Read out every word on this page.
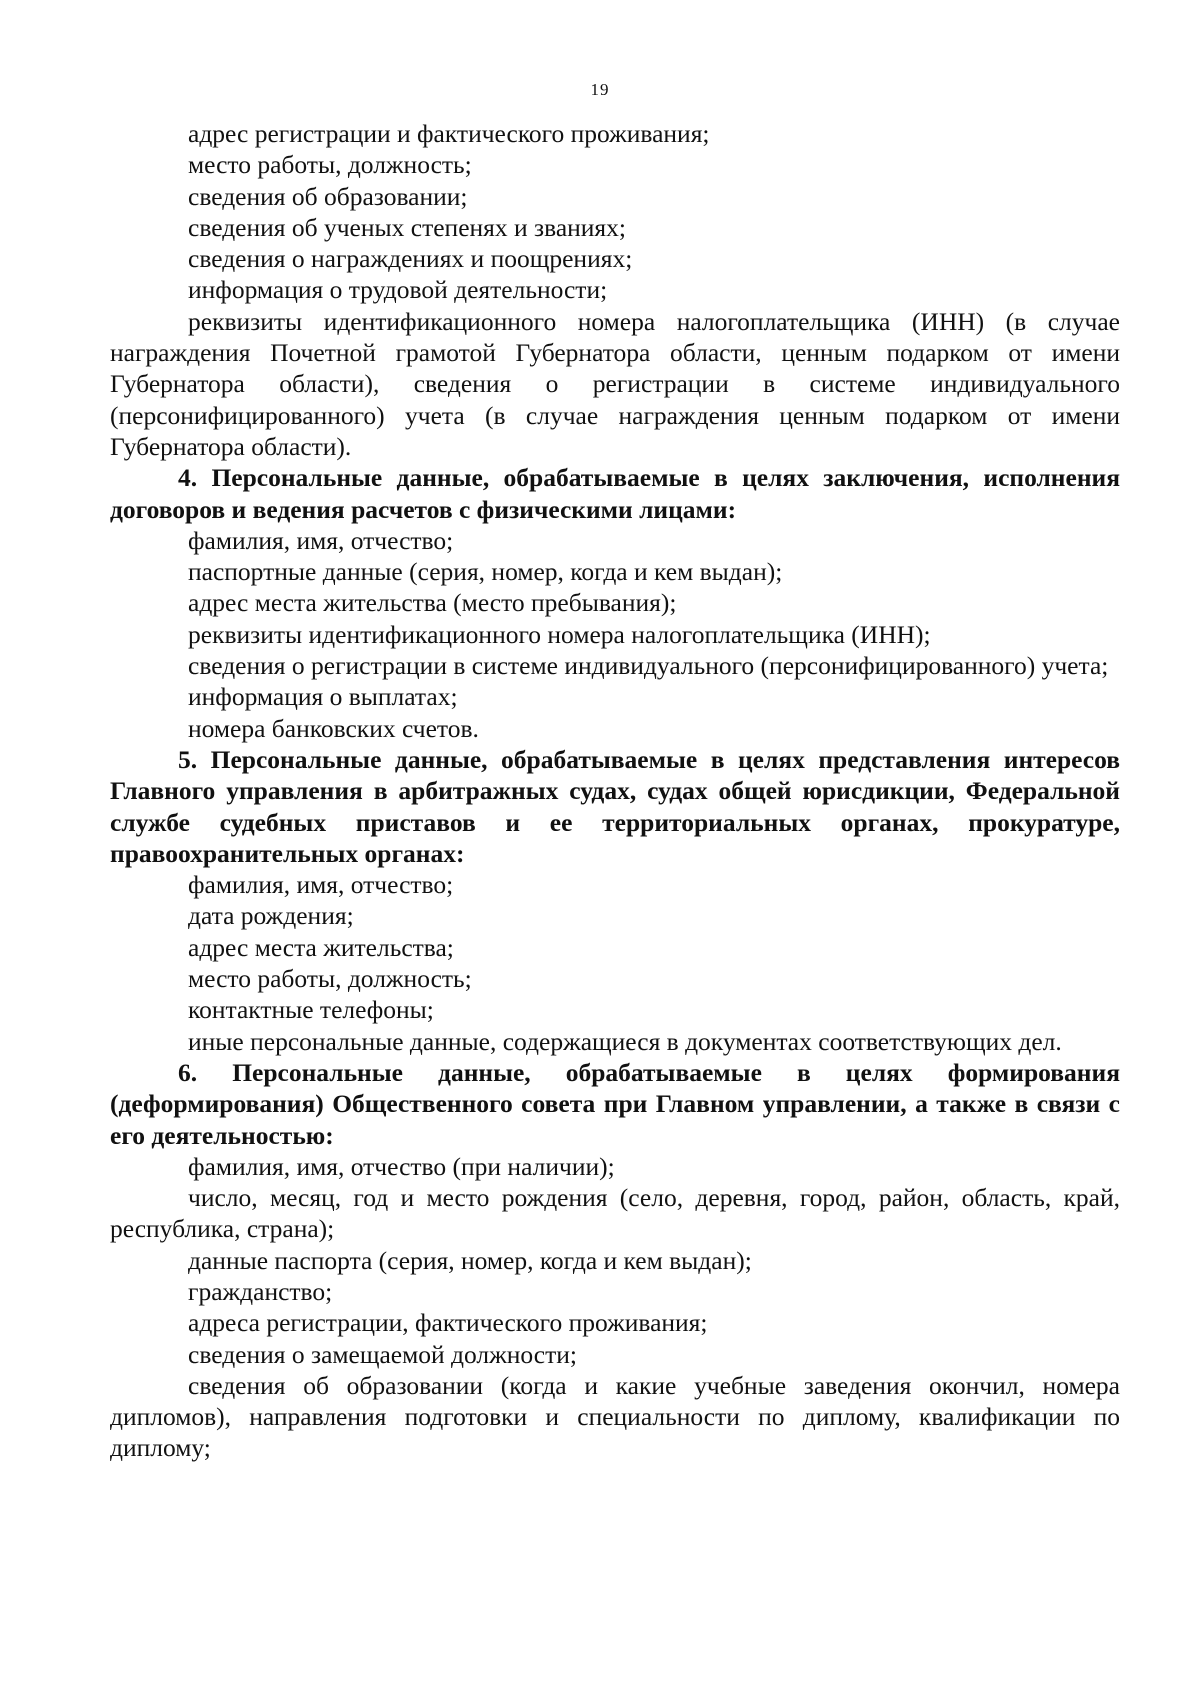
19

адрес регистрации и фактического проживания;

место работы, должность;

сведения об образовании;

сведения об ученых степенях и званиях;

сведения о награждениях и поощрениях;

информация о трудовой деятельности;

реквизиты идентификационного номера налогоплательщика (ИНН) (в случае награждения Почетной грамотой Губернатора области, ценным подарком от имени Губернатора области), сведения о регистрации в системе индивидуального (персонифицированного) учета (в случае награждения ценным подарком от имени Губернатора области).

4. Персональные данные, обрабатываемые в целях заключения, исполнения договоров и ведения расчетов с физическими лицами:

фамилия, имя, отчество;

паспортные данные (серия, номер, когда и кем выдан);

адрес места жительства (место пребывания);

реквизиты идентификационного номера налогоплательщика (ИНН);

сведения о регистрации в системе индивидуального (персонифицированного) учета;

информация о выплатах;

номера банковских счетов.

5. Персональные данные, обрабатываемые в целях представления интересов Главного управления в арбитражных судах, судах общей юрисдикции, Федеральной службе судебных приставов и ее территориальных органах, прокуратуре, правоохранительных органах:

фамилия, имя, отчество;

дата рождения;

адрес места жительства;

место работы, должность;

контактные телефоны;

иные персональные данные, содержащиеся в документах соответствующих дел.

6. Персональные данные, обрабатываемые в целях формирования (деформирования) Общественного совета при Главном управлении, а также в связи с его деятельностью:

фамилия, имя, отчество (при наличии);

число, месяц, год и место рождения (село, деревня, город, район, область, край, республика, страна);

данные паспорта (серия, номер, когда и кем выдан);

гражданство;

адреса регистрации, фактического проживания;

сведения о замещаемой должности;

сведения об образовании (когда и какие учебные заведения окончил, номера дипломов), направления подготовки и специальности по диплому, квалификации по диплому;
